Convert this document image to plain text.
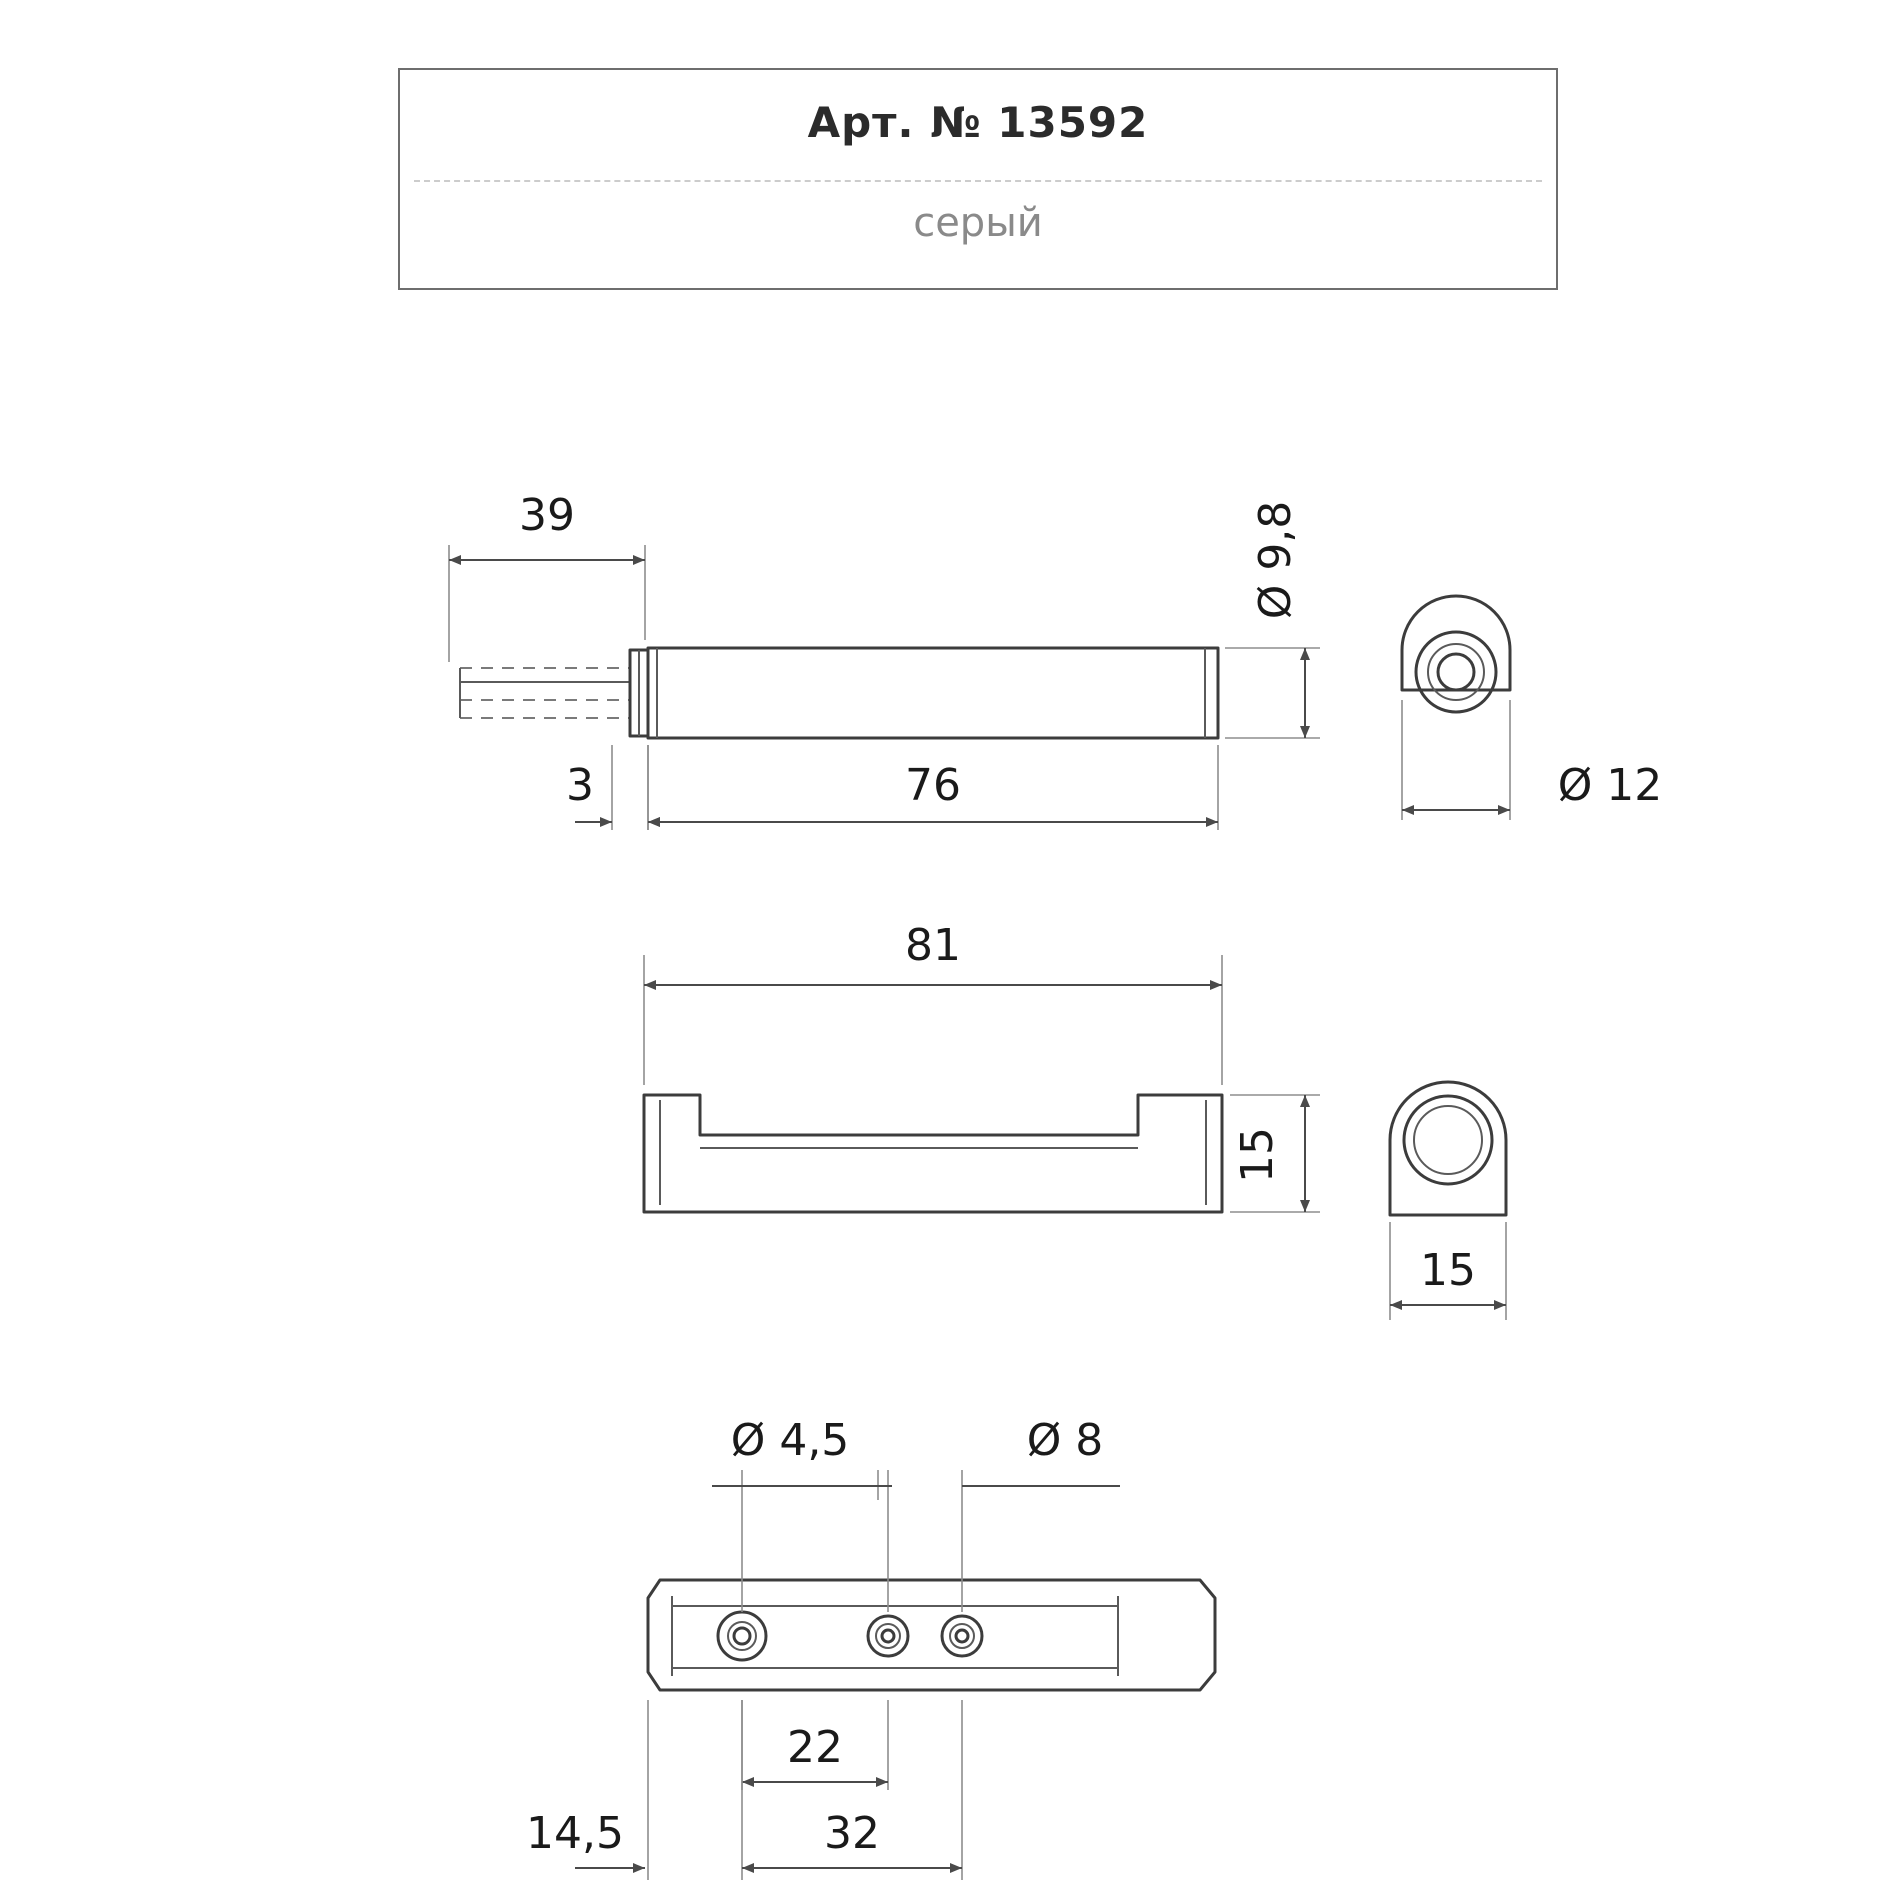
Арт. № 13592
серый
39
3	76
Ø 9,8
Ø 12
81
15
15
Ø 4,5	Ø 8
22
32
14,5
